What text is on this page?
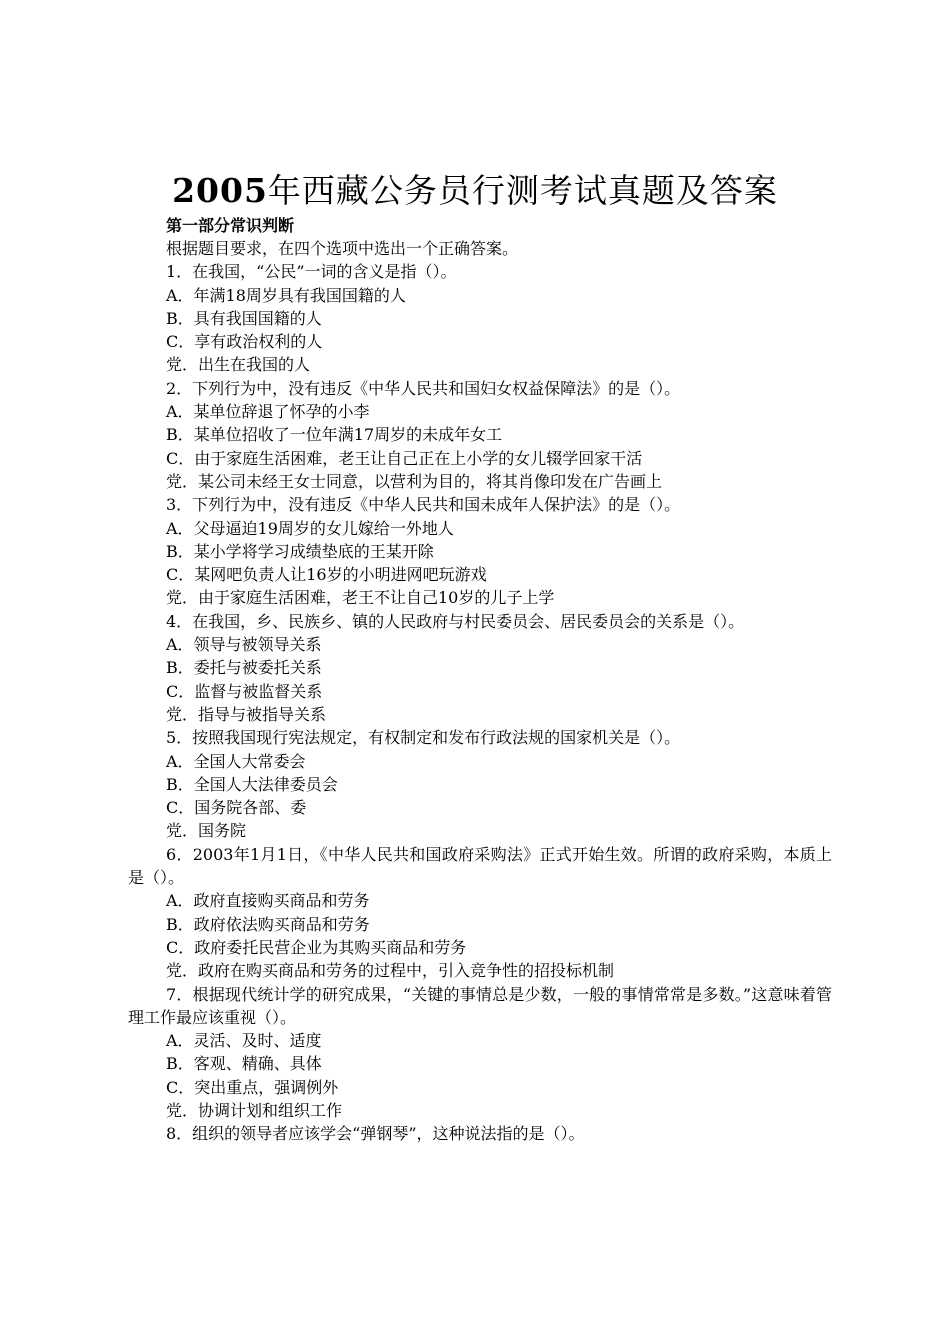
2005年西藏公务员行测考试真题及答案
第一部分常识判断
根据题目要求，在四个选项中选出一个正确答案。
1．在我国，“公民”一词的含义是指（）。
A．年满18周岁具有我国国籍的人
B．具有我国国籍的人
C．享有政治权利的人
党．出生在我国的人
2．下列行为中，没有违反《中华人民共和国妇女权益保障法》的是（）。
A．某单位辞退了怀孕的小李
B．某单位招收了一位年满17周岁的未成年女工
C．由于家庭生活困难，老王让自己正在上小学的女儿辍学回家干活
党．某公司未经王女士同意，以营利为目的，将其肖像印发在广告画上
3．下列行为中，没有违反《中华人民共和国未成年人保护法》的是（）。
A．父母逼迫19周岁的女儿嫁给一外地人
B．某小学将学习成绩垫底的王某开除
C．某网吧负责人让16岁的小明进网吧玩游戏
党．由于家庭生活困难，老王不让自己10岁的儿子上学
4．在我国，乡、民族乡、镇的人民政府与村民委员会、居民委员会的关系是（）。
A．领导与被领导关系
B．委托与被委托关系
C．监督与被监督关系
党．指导与被指导关系
5．按照我国现行宪法规定，有权制定和发布行政法规的国家机关是（）。
A．全国人大常委会
B．全国人大法律委员会
C．国务院各部、委
党．国务院
6．2003年1月1日，《中华人民共和国政府采购法》正式开始生效。所谓的政府采购，本质上是（）。
A．政府直接购买商品和劳务
B．政府依法购买商品和劳务
C．政府委托民营企业为其购买商品和劳务
党．政府在购买商品和劳务的过程中，引入竞争性的招投标机制
7．根据现代统计学的研究成果，“关键的事情总是少数，一般的事情常常是多数。”这意味着管理工作最应该重视（）。
A．灵活、及时、适度
B．客观、精确、具体
C．突出重点，强调例外
党．协调计划和组织工作
8．组织的领导者应该学会“弹钢琴”，这种说法指的是（）。
